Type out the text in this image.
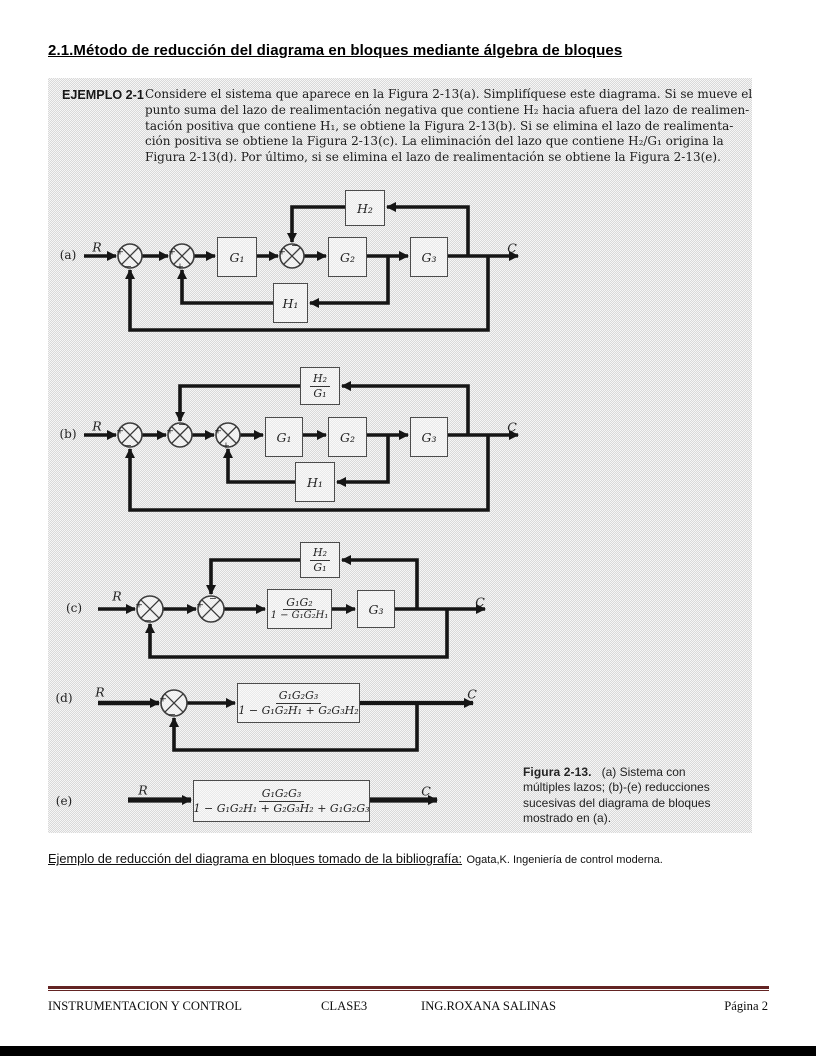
2.1.Método de reducción del diagrama en bloques mediante álgebra de bloques
EJEMPLO 2-1 Considere el sistema que aparece en la Figura 2-13(a). Simplifíquese este diagrama. Si se mueve el
punto suma del lazo de realimentación negativa que contiene H₂ hacia afuera del lazo de realimen-
tación positiva que contiene H₁, se obtiene la Figura 2-13(b). Si se elimina el lazo de realimenta-
ción positiva se obtiene la Figura 2-13(c). La eliminación del lazo que contiene H₂/G₁ origina la
Figura 2-13(d). Por último, si se elimina el lazo de realimentación se obtiene la Figura 2-13(e).
(a)
R	C
G₁	G₂	G₃
H₂
H₁
+
−
+
+
+
−
(b)
R	C
G₁	G₂	G₃
H₁
$\frac{\text{H₂}}{\text{G₁}}$
+
−
+
−
+
+
(c)
R	C
$\frac{\text{G₁G₂}}{\text{1 − G₁G₂H₁}}$	G₃
$\frac{\text{H₂}}{\text{G₁}}$
+
−
+
−
(d) R	C
$\frac{\text{G₁G₂G₃}}{\text{1 − G₁G₂H₁ + G₂G₃H₂}}$
+
−
(e)
R	C
$\frac{\text{G₁G₂G₃}}{\text{1 − G₁G₂H₁ + G₂G₃H₂ + G₁G₂G₃}}$
Figura 2-13. (a) Sistema con
múltiples lazos; (b)-(e) reducciones
sucesivas del diagrama de bloques
mostrado en (a).
Ejemplo de reducción del diagrama en bloques tomado de la bibliografía: Ogata,K. Ingeniería de control moderna.
INSTRUMENTACION Y CONTROL	CLASE3	ING.ROXANA SALINAS	Página 2
